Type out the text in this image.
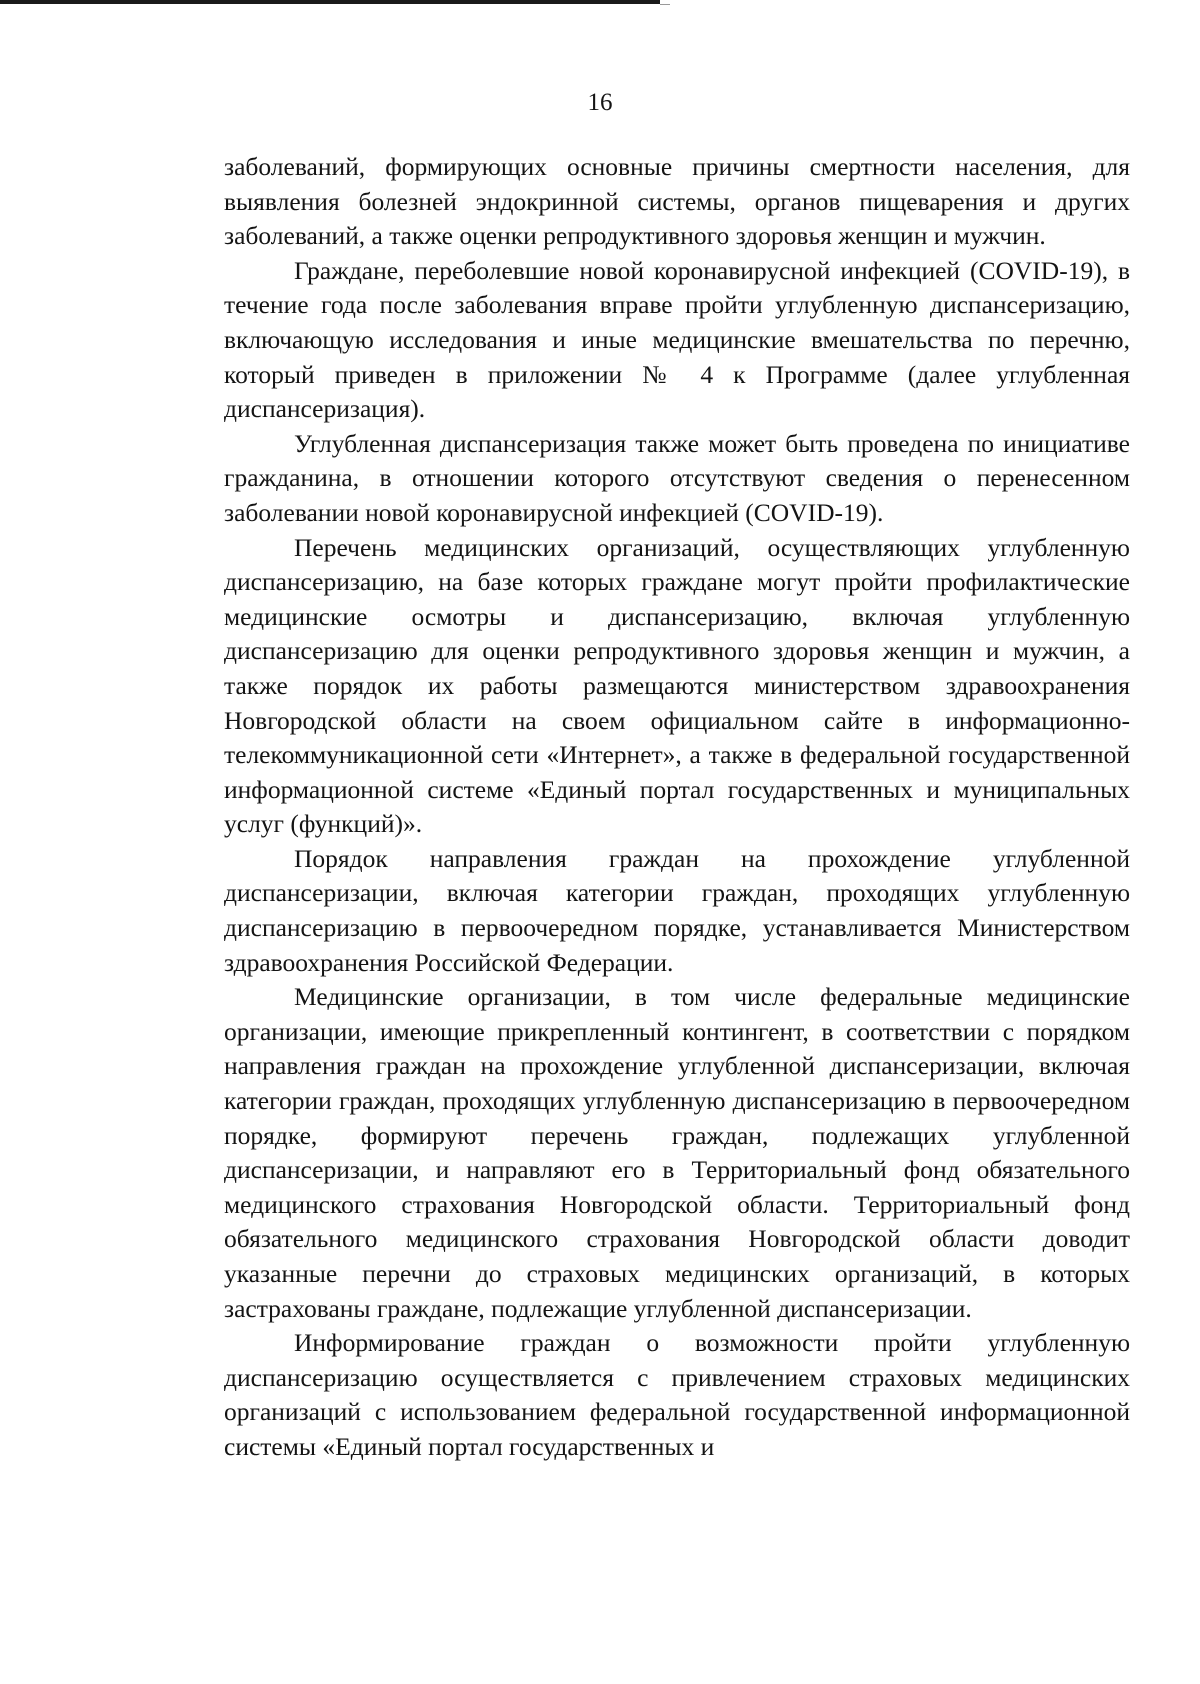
16

заболеваний, формирующих основные причины смертности населения, для выявления болезней эндокринной системы, органов пищеварения и других заболеваний, а также оценки репродуктивного здоровья женщин и мужчин.

Граждане, переболевшие новой коронавирусной инфекцией (COVID-19), в течение года после заболевания вправе пройти углубленную диспансеризацию, включающую исследования и иные медицинские вмешательства по перечню, который приведен в приложении № 4 к Программе (далее углубленная диспансеризация).

Углубленная диспансеризация также может быть проведена по инициативе гражданина, в отношении которого отсутствуют сведения о перенесенном заболевании новой коронавирусной инфекцией (COVID-19).

Перечень медицинских организаций, осуществляющих углубленную диспансеризацию, на базе которых граждане могут пройти профилактические медицинские осмотры и диспансеризацию, включая углубленную диспансеризацию для оценки репродуктивного здоровья женщин и мужчин, а также порядок их работы размещаются министерством здравоохранения Новгородской области на своем официальном сайте в информационно-телекоммуникационной сети «Интернет», а также в федеральной государственной информационной системе «Единый портал государственных и муниципальных услуг (функций)».

Порядок направления граждан на прохождение углубленной диспансеризации, включая категории граждан, проходящих углубленную диспансеризацию в первоочередном порядке, устанавливается Министерством здравоохранения Российской Федерации.

Медицинские организации, в том числе федеральные медицинские организации, имеющие прикрепленный контингент, в соответствии с порядком направления граждан на прохождение углубленной диспансеризации, включая категории граждан, проходящих углубленную диспансеризацию в первоочередном порядке, формируют перечень граждан, подлежащих углубленной диспансеризации, и направляют его в Территориальный фонд обязательного медицинского страхования Новгородской области. Территориальный фонд обязательного медицинского страхования Новгородской области доводит указанные перечни до страховых медицинских организаций, в которых застрахованы граждане, подлежащие углубленной диспансеризации.

Информирование граждан о возможности пройти углубленную диспансеризацию осуществляется с привлечением страховых медицинских организаций с использованием федеральной государственной информационной системы «Единый портал государственных и
